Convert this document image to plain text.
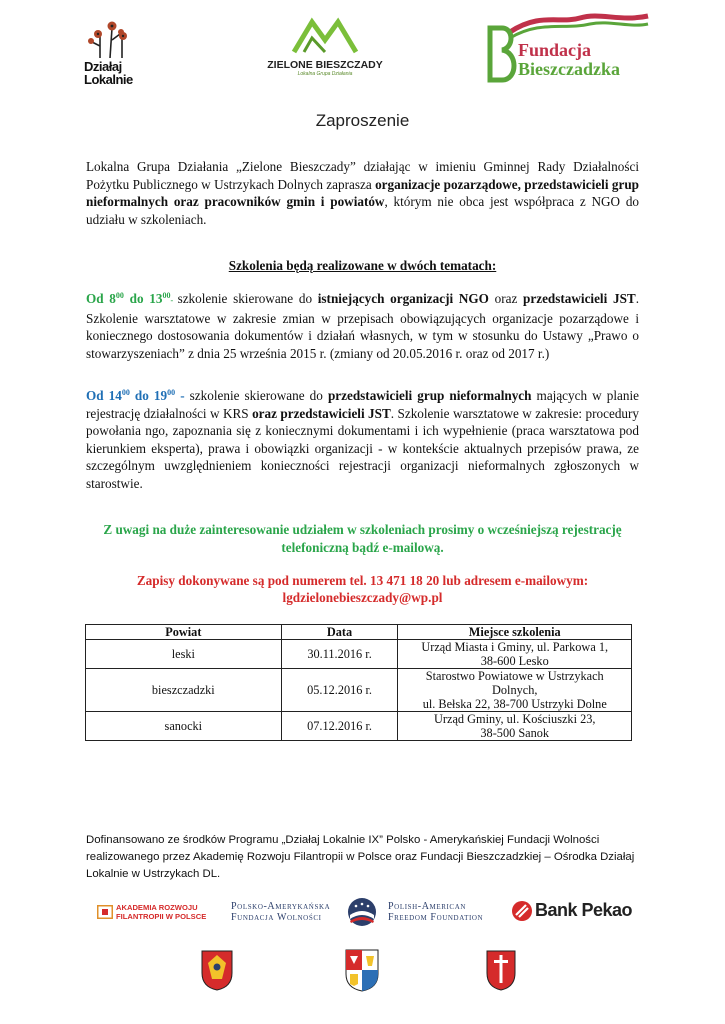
Działaj
Lokalnie
ZIELONE BIESZCZADY
Lokalna Grupa Działania
Fundacja
Bieszczadzka
Zaproszenie
Lokalna Grupa Działania „Zielone Bieszczady” działając w imieniu Gminnej Rady Działalności Pożytku Publicznego w Ustrzykach Dolnych zaprasza organizacje pozarządowe, przedstawicieli grup nieformalnych oraz pracowników gmin i powiatów, którym nie obca jest współpraca z NGO do udziału w szkoleniach.
Szkolenia będą realizowane w dwóch tematach:
Od $8^{00}$ do $13^{00}-$ szkolenie skierowane do istniejących organizacji NGO oraz przedstawicieli JST. Szkolenie warsztatowe w zakresie zmian w przepisach obowiązujących organizacje pozarządowe i koniecznego dostosowania dokumentów i działań własnych, w tym w stosunku do Ustawy „Prawo o stowarzyszeniach” z dnia 25 września 2015 r. (zmiany od 20.05.2016 r. oraz od 2017 r.)
Od $14^{00}$ do $19^{00}$ - szkolenie skierowane do przedstawicieli grup nieformalnych mających w planie rejestrację działalności w KRS oraz przedstawicieli JST. Szkolenie warsztatowe w zakresie: procedury powołania ngo, zapoznania się z koniecznymi dokumentami i ich wypełnienie (praca warsztatowa pod kierunkiem eksperta), prawa i obowiązki organizacji - w kontekście aktualnych przepisów prawa, ze szczególnym uwzględnieniem konieczności rejestracji organizacji nieformalnych zgłoszonych w starostwie.
Z uwagi na duże zainteresowanie udziałem w szkoleniach prosimy o wcześniejszą rejestrację telefoniczną bądź e-mailową.
Zapisy dokonywane są pod numerem tel. 13 471 18 20 lub adresem e-mailowym:
lgdzielonebieszczady@wp.pl
Powiat	Data	Miejsce szkolenia
leski	30.11.2016 r.	Urząd Miasta i Gminy, ul. Parkowa 1,
38-600 Lesko

bieszczadzki	05.12.2016 r.	Starostwo Powiatowe w Ustrzykach
Dolnych,
ul. Bełska 22, 38-700 Ustrzyki Dolne

sanocki	07.12.2016 r.	Urząd Gminy, ul. Kościuszki 23,
38-500 Sanok
Dofinansowano ze środków Programu „Działaj Lokalnie IX” Polsko - Amerykańskiej Fundacji Wolności realizowanego przez Akademię Rozwoju Filantropii w Polsce oraz Fundacji Bieszczadzkiej – Ośrodka Działaj Lokalnie w Ustrzykach DL.
AKADEMIA ROZWOJU
FILANTROPII W POLSCE
Polsko-Amerykańska
Fundacja Wolności
Polish-American
Freedom Foundation	Bank Pekao
